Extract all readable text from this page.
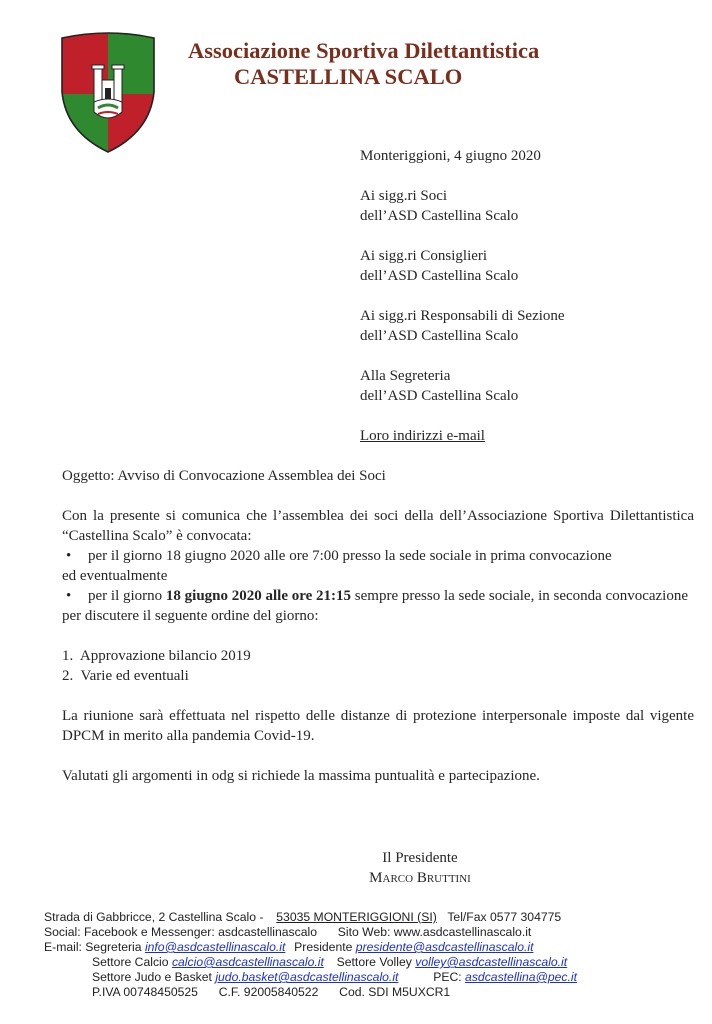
Associazione Sportiva Dilettantistica
CASTELLINA SCALO
Monteriggioni, 4 giugno 2020
Ai sigg.ri Soci
dell’ASD Castellina Scalo
Ai sigg.ri Consiglieri
dell’ASD Castellina Scalo
Ai sigg.ri Responsabili di Sezione
dell’ASD Castellina Scalo
Alla Segreteria
dell’ASD Castellina Scalo
Loro indirizzi e-mail
Oggetto: Avviso di Convocazione Assemblea dei Soci
Con la presente si comunica che l’assemblea dei soci della dell’Associazione Sportiva Dilettantistica “Castellina Scalo” è convocata:
• per il giorno 18 giugno 2020 alle ore 7:00 presso la sede sociale in prima convocazione
ed eventualmente
• per il giorno 18 giugno 2020 alle ore 21:15 sempre presso la sede sociale, in seconda convocazione
per discutere il seguente ordine del giorno:
1.  Approvazione bilancio 2019
2.  Varie ed eventuali
La riunione sarà effettuata nel rispetto delle distanze di protezione interpersonale imposte dal vigente DPCM in merito alla pandemia Covid-19.
Valutati gli argomenti in odg si richiede la massima puntualità e partecipazione.
Il Presidente
Marco Bruttini
Strada di Gabbricce, 2 Castellina Scalo - 53035 MONTERIGGIONI (SI) Tel/Fax 0577 304775
Social: Facebook e Messenger: asdcastellinascalo Sito Web: www.asdcastellinascalo.it
E-mail: Segreteria info@asdcastellinascalo.it Presidente presidente@asdcastellinascalo.it
Settore Calcio calcio@asdcastellinascalo.it Settore Volley volley@asdcastellinascalo.it
Settore Judo e Basket judo.basket@asdcastellinascalo.it	PEC: asdcastellina@pec.it
P.IVA 00748450525 C.F. 92005840522 Cod. SDI M5UXCR1
